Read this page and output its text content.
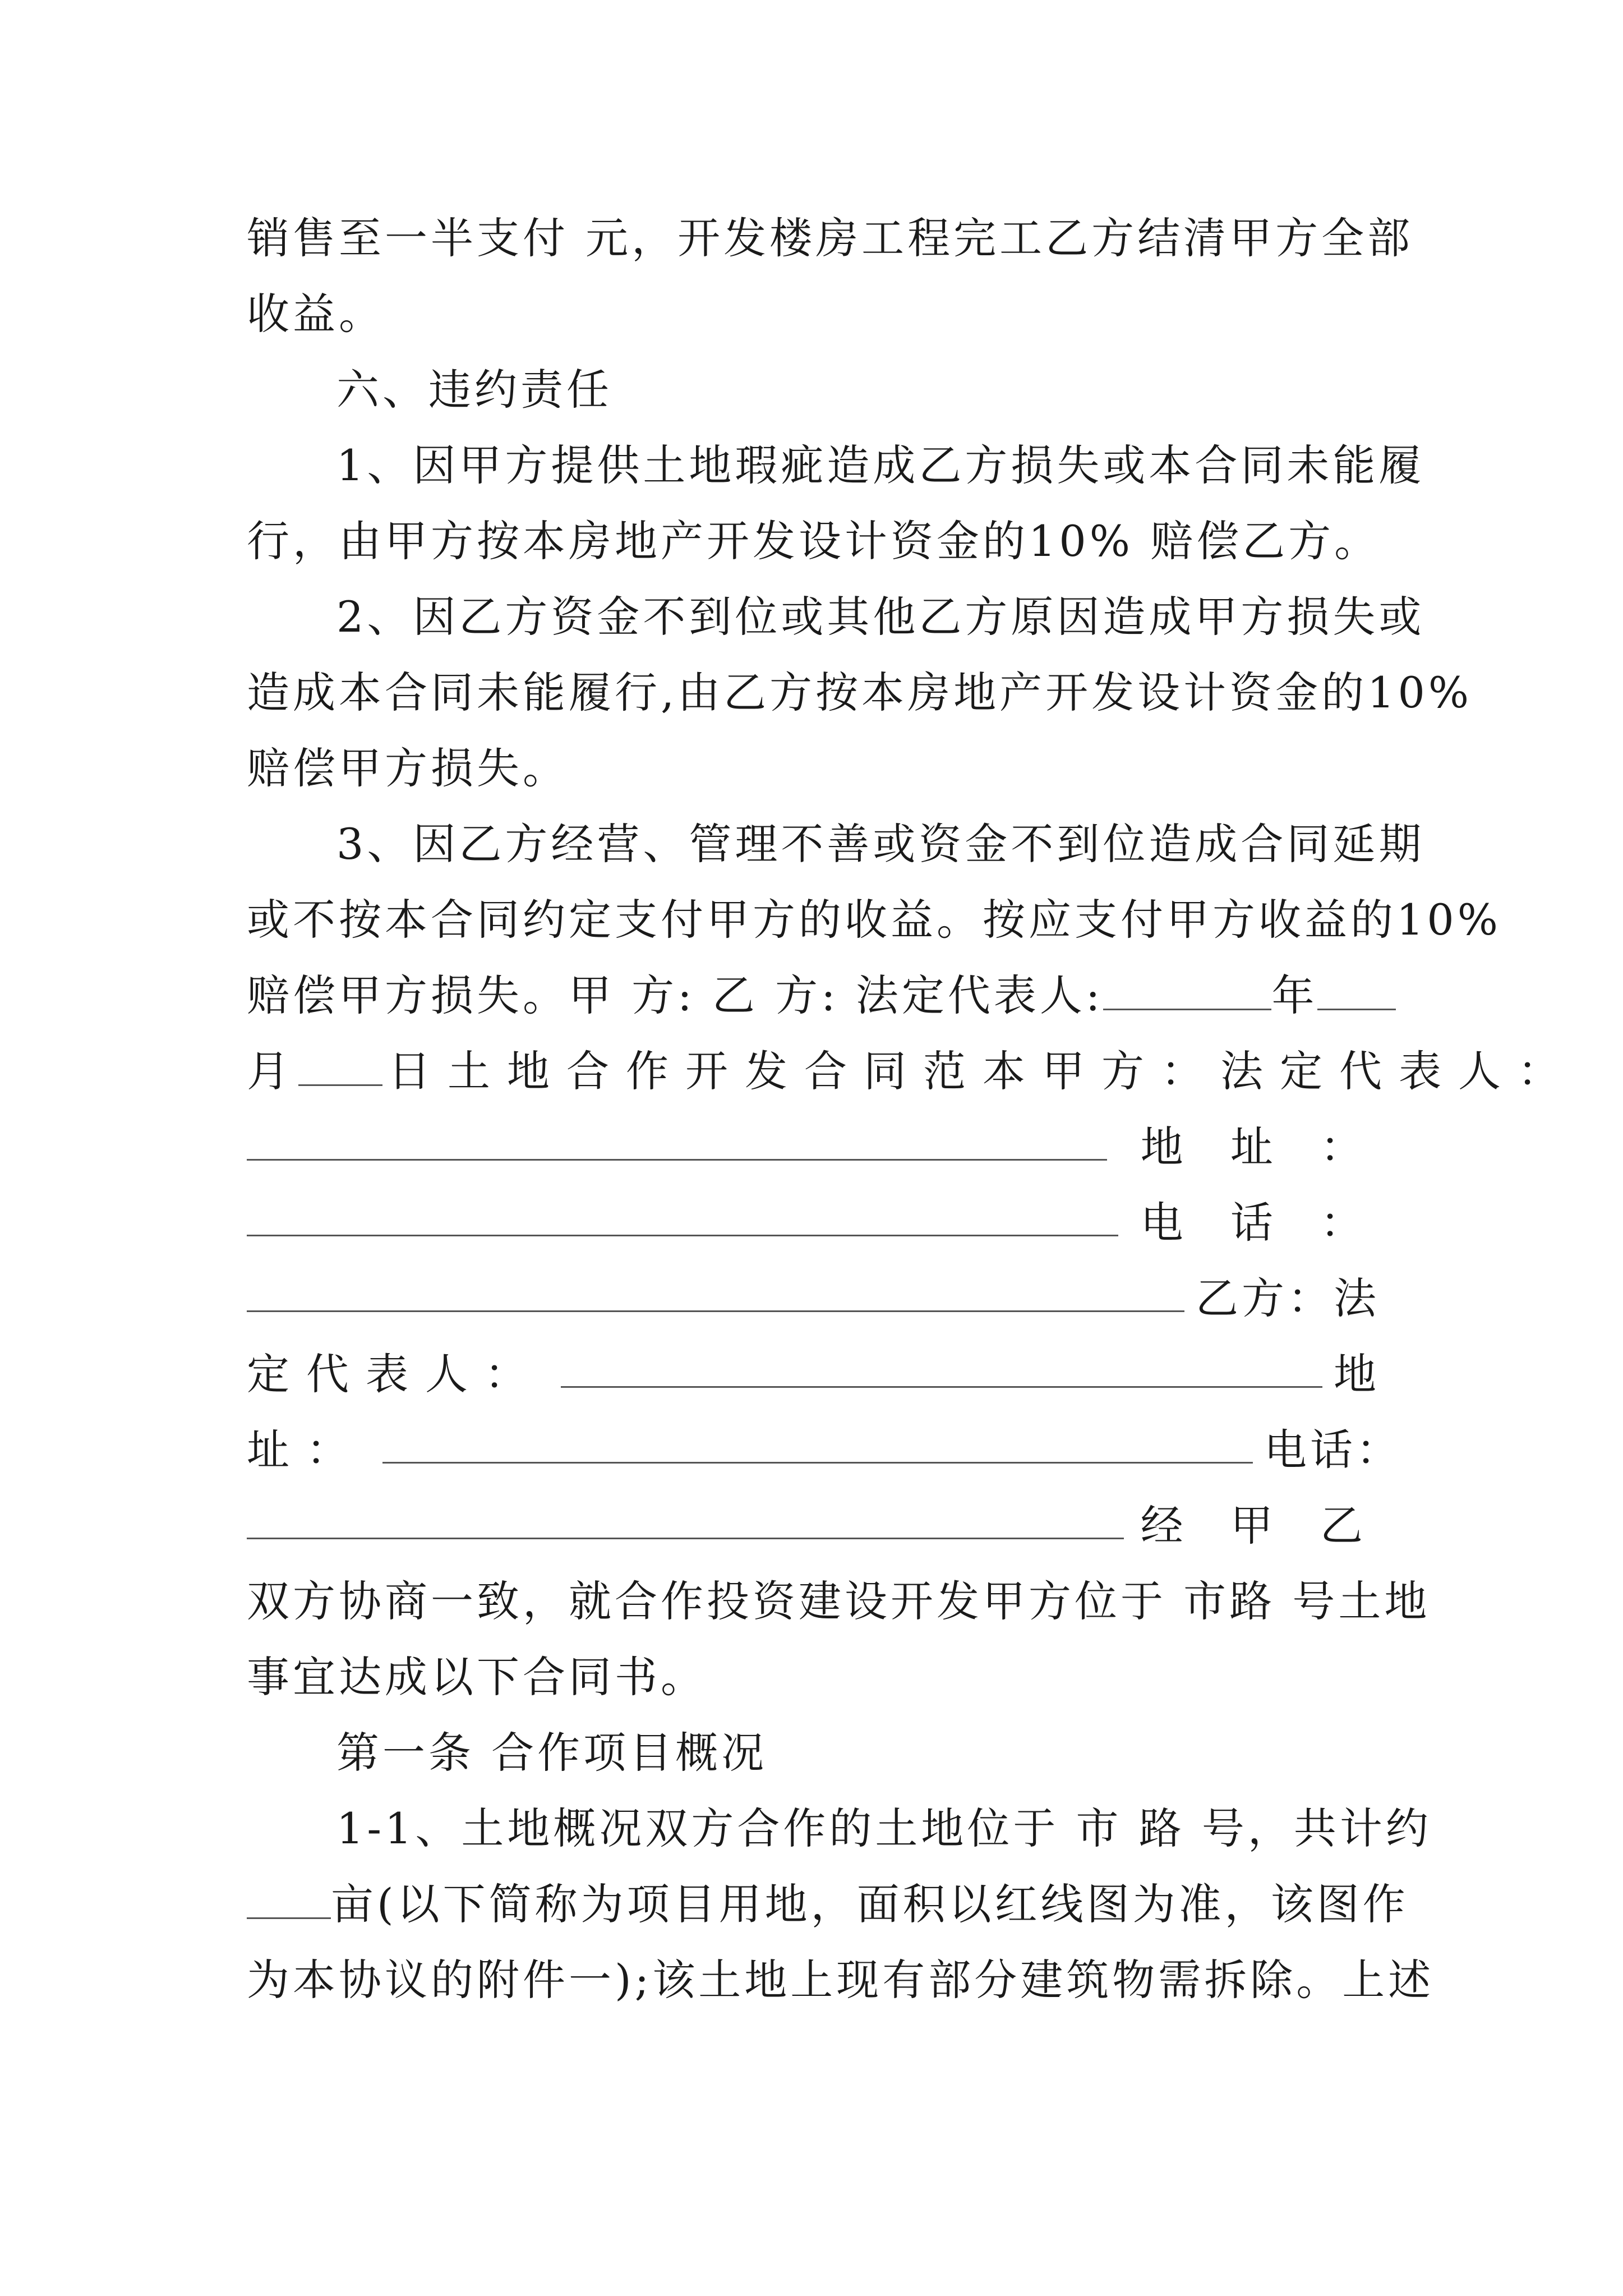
销售至一半支付 元，开发楼房工程完工乙方结清甲方全部
收益。
六、违约责任
1、因甲方提供土地瑕疵造成乙方损失或本合同未能履
行，由甲方按本房地产开发设计资金的10% 赔偿乙方。
2、因乙方资金不到位或其他乙方原因造成甲方损失或
造成本合同未能履行,由乙方按本房地产开发设计资金的10%
赔偿甲方损失。
3、因乙方经营、管理不善或资金不到位造成合同延期
或不按本合同约定支付甲方的收益。按应支付甲方收益的10%
赔偿甲方损失。甲 方: 乙 方: 法定代表人:	年
月 日土地合作开发合同范本甲方：法定代表人：
地 址 ：
电 话 ：
乙方：法
定代表人：	地
址：	电话：
经 甲 乙
双方协商一致，就合作投资建设开发甲方位于 市路 号土地
事宜达成以下合同书。
第一条 合作项目概况
1-1、土地概况双方合作的土地位于 市 路 号，共计约
亩(以下简称为项目用地，面积以红线图为准，该图作
为本协议的附件一);该土地上现有部分建筑物需拆除。上述
